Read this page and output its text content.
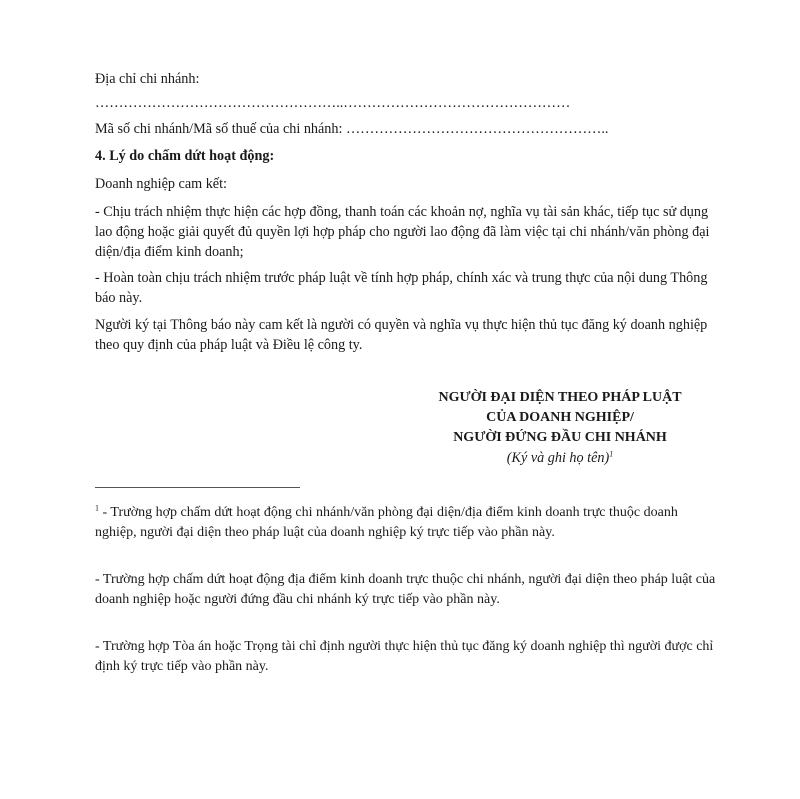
Địa chỉ chi nhánh:
……………………………………………..…………………………………………
Mã số chi nhánh/Mã số thuế của chi nhánh: ………………………………………………..
4. Lý do chấm dứt hoạt động:
Doanh nghiệp cam kết:
- Chịu trách nhiệm thực hiện các hợp đồng, thanh toán các khoản nợ, nghĩa vụ tài sản khác, tiếp tục sử dụng lao động hoặc giải quyết đủ quyền lợi hợp pháp cho người lao động đã làm việc tại chi nhánh/văn phòng đại diện/địa điểm kinh doanh;
- Hoàn toàn chịu trách nhiệm trước pháp luật về tính hợp pháp, chính xác và trung thực của nội dung Thông báo này.
Người ký tại Thông báo này cam kết là người có quyền và nghĩa vụ thực hiện thủ tục đăng ký doanh nghiệp theo quy định của pháp luật và Điều lệ công ty.
NGƯỜI ĐẠI DIỆN THEO PHÁP LUẬT
CỦA DOANH NGHIỆP/
NGƯỜI ĐỨNG ĐẦU CHI NHÁNH
(Ký và ghi họ tên)$^1$
$^1$ - Trường hợp chấm dứt hoạt động chi nhánh/văn phòng đại diện/địa điểm kinh doanh trực thuộc doanh nghiệp, người đại diện theo pháp luật của doanh nghiệp ký trực tiếp vào phần này.
- Trường hợp chấm dứt hoạt động địa điểm kinh doanh trực thuộc chi nhánh, người đại diện theo pháp luật của doanh nghiệp hoặc người đứng đầu chi nhánh ký trực tiếp vào phần này.
- Trường hợp Tòa án hoặc Trọng tài chỉ định người thực hiện thủ tục đăng ký doanh nghiệp thì người được chỉ định ký trực tiếp vào phần này.
